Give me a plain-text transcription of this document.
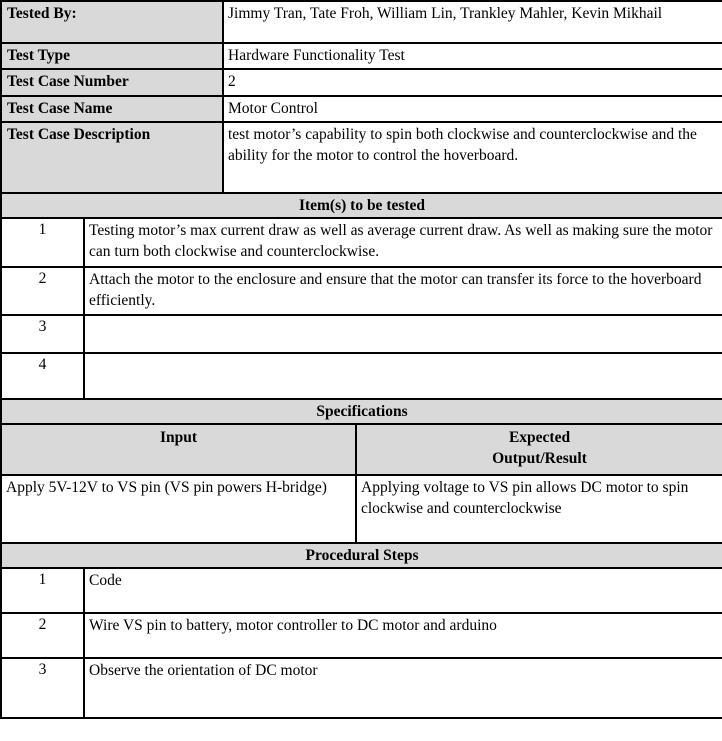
Tested By:		Jimmy Tran, Tate Froh, William Lin, Trankley Mahler, Kevin Mikhail	
Test Type		Hardware Functionality Test	
Test Case Number		2	
Test Case Name		Motor Control	
Test Case Description		test motor’s capability to spin both clockwise and counterclockwise and the ability for the motor to control the hoverboard.	
Item(s) to be tested			
1	Testing motor’s max current draw as well as average current draw. As well as making sure the motor can turn both clockwise and counterclockwise.		
2	Attach the motor to the enclosure and ensure that the motor can transfer its force to the hoverboard efficiently.		
3			
4			
Specifications			
Input			Expected
Output/Result

Apply 5V-12V to VS pin (VS pin powers H-bridge)			Applying voltage to VS pin allows DC motor to spin clockwise and counterclockwise
Procedural Steps			
1	Code		
2	Wire VS pin to battery, motor controller to DC motor and arduino		
3	Observe the orientation of DC motor		
